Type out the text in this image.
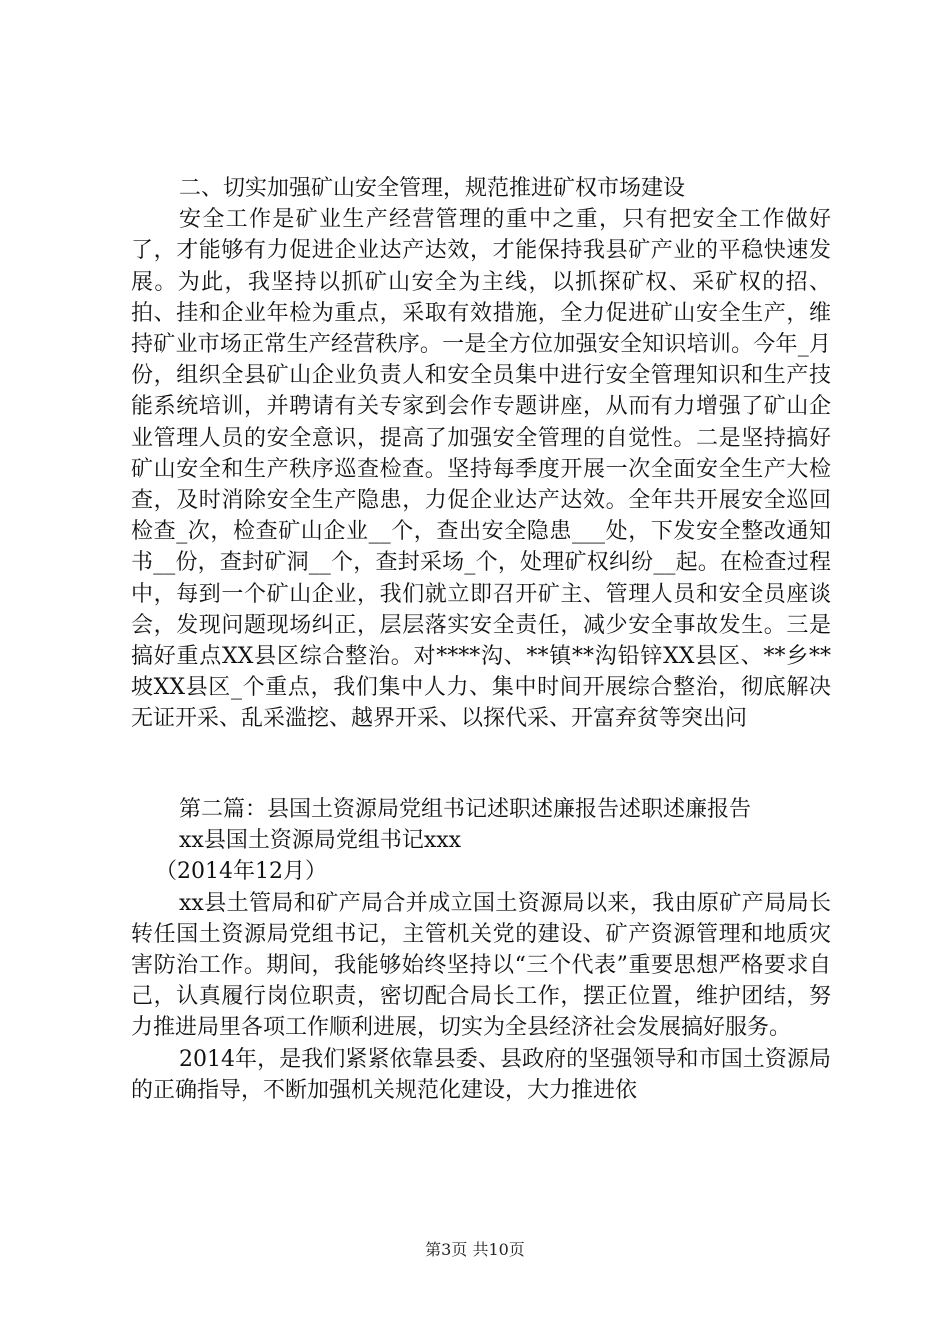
二、切实加强矿山安全管理，规范推进矿权市场建设

安全工作是矿业生产经营管理的重中之重，只有把安全工作做好了，才能够有力促进企业达产达效，才能保持我县矿产业的平稳快速发展。为此，我坚持以抓矿山安全为主线，以抓探矿权、采矿权的招、拍、挂和企业年检为重点，采取有效措施，全力促进矿山安全生产，维持矿业市场正常生产经营秩序。一是全方位加强安全知识培训。今年_月份，组织全县矿山企业负责人和安全员集中进行安全管理知识和生产技能系统培训，并聘请有关专家到会作专题讲座，从而有力增强了矿山企业管理人员的安全意识，提高了加强安全管理的自觉性。二是坚持搞好矿山安全和生产秩序巡查检查。坚持每季度开展一次全面安全生产大检查，及时消除安全生产隐患，力促企业达产达效。全年共开展安全巡回检查_次，检查矿山企业__个，查出安全隐患___处，下发安全整改通知书__份，查封矿洞__个，查封采场_个，处理矿权纠纷__起。在检查过程中，每到一个矿山企业，我们就立即召开矿主、管理人员和安全员座谈会，发现问题现场纠正，层层落实安全责任，减少安全事故发生。三是搞好重点XX县区综合整治。对****沟、**镇**沟铅锌XX县区、**乡**坡XX县区_个重点，我们集中人力、集中时间开展综合整治，彻底解决无证开采、乱采滥挖、越界开采、以探代采、开富弃贫等突出问

第二篇：县国土资源局党组书记述职述廉报告述职述廉报告

xx县国土资源局党组书记xxx

（2014年12月）

xx县土管局和矿产局合并成立国土资源局以来，我由原矿产局局长转任国土资源局党组书记，主管机关党的建设、矿产资源管理和地质灾害防治工作。期间，我能够始终坚持以“三个代表”重要思想严格要求自己，认真履行岗位职责，密切配合局长工作，摆正位置，维护团结，努力推进局里各项工作顺利进展，切实为全县经济社会发展搞好服务。

2014年，是我们紧紧依靠县委、县政府的坚强领导和市国土资源局的正确指导，不断加强机关规范化建设，大力推进依

第3页 共10页
